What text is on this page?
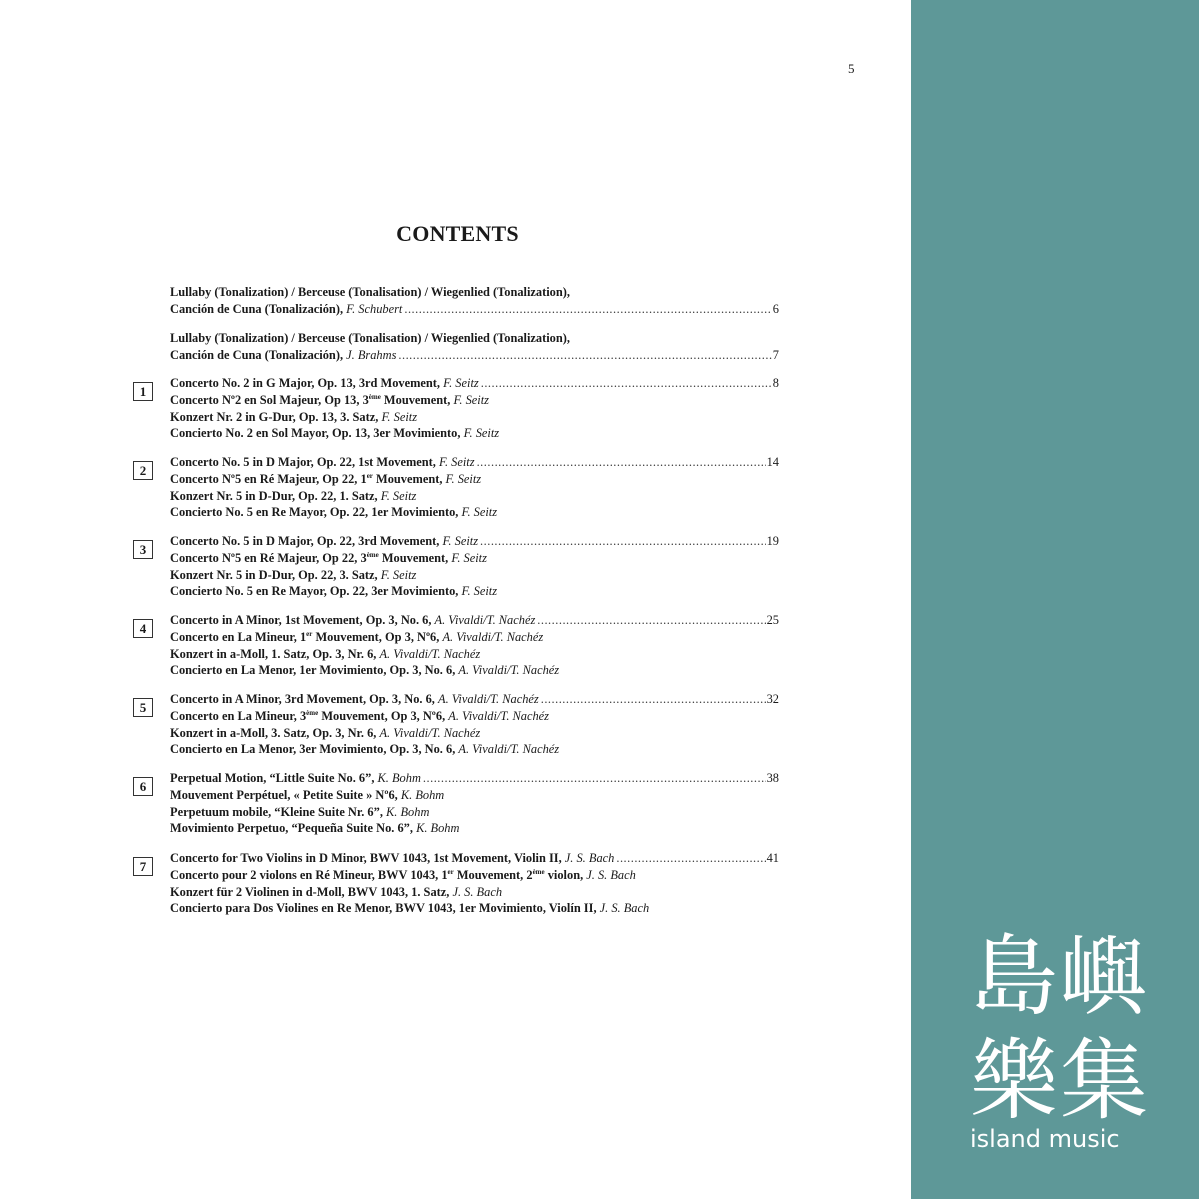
5
CONTENTS
Lullaby (Tonalization) / Berceuse (Tonalisation) / Wiegenlied (Tonalization),
Canción de Cuna (Tonalización), F. Schubert .....	6
Lullaby (Tonalization) / Berceuse (Tonalisation) / Wiegenlied (Tonalization),
Canción de Cuna (Tonalización), J. Brahms .....	7
1
Concerto No. 2 in G Major, Op. 13, 3rd Movement, F. Seitz .....	8
Concerto Nº2 en Sol Majeur, Op 13, 3ème Mouvement, F. Seitz
Konzert Nr. 2 in G-Dur, Op. 13, 3. Satz, F. Seitz
Concierto No. 2 en Sol Mayor, Op. 13, 3er Movimiento, F. Seitz
2
Concerto No. 5 in D Major, Op. 22, 1st Movement, F. Seitz .....	14
Concerto Nº5 en Ré Majeur, Op 22, 1er Mouvement, F. Seitz
Konzert Nr. 5 in D-Dur, Op. 22, 1. Satz, F. Seitz
Concierto No. 5 en Re Mayor, Op. 22, 1er Movimiento, F. Seitz
3
Concerto No. 5 in D Major, Op. 22, 3rd Movement, F. Seitz .....	19
Concerto Nº5 en Ré Majeur, Op 22, 3ème Mouvement, F. Seitz
Konzert Nr. 5 in D-Dur, Op. 22, 3. Satz, F. Seitz
Concierto No. 5 en Re Mayor, Op. 22, 3er Movimiento, F. Seitz
4
Concerto in A Minor, 1st Movement, Op. 3, No. 6, A. Vivaldi/T. Nachéz .....	25
Concerto en La Mineur, 1er Mouvement, Op 3, Nº6, A. Vivaldi/T. Nachéz
Konzert in a-Moll, 1. Satz, Op. 3, Nr. 6, A. Vivaldi/T. Nachéz
Concierto en La Menor, 1er Movimiento, Op. 3, No. 6, A. Vivaldi/T. Nachéz
5
Concerto in A Minor, 3rd Movement, Op. 3, No. 6, A. Vivaldi/T. Nachéz .....	32
Concerto en La Mineur, 3ème Mouvement, Op 3, Nº6, A. Vivaldi/T. Nachéz
Konzert in a-Moll, 3. Satz, Op. 3, Nr. 6, A. Vivaldi/T. Nachéz
Concierto en La Menor, 3er Movimiento, Op. 3, No. 6, A. Vivaldi/T. Nachéz
6
Perpetual Motion, “Little Suite No. 6”, K. Bohm .....	38
Mouvement Perpétuel, « Petite Suite » Nº6, K. Bohm
Perpetuum mobile, “Kleine Suite Nr. 6”, K. Bohm
Movimiento Perpetuo, “Pequeña Suite No. 6”, K. Bohm
7
Concerto for Two Violins in D Minor, BWV 1043, 1st Movement, Violin II, J. S. Bach .....	41
Concerto pour 2 violons en Ré Mineur, BWV 1043, 1er Mouvement, 2ème violon, J. S. Bach
Konzert für 2 Violinen in d-Moll, BWV 1043, 1. Satz, J. S. Bach
Concierto para Dos Violines en Re Menor, BWV 1043, 1er Movimiento, Violín II, J. S. Bach
島 嶼
樂 集
island music
